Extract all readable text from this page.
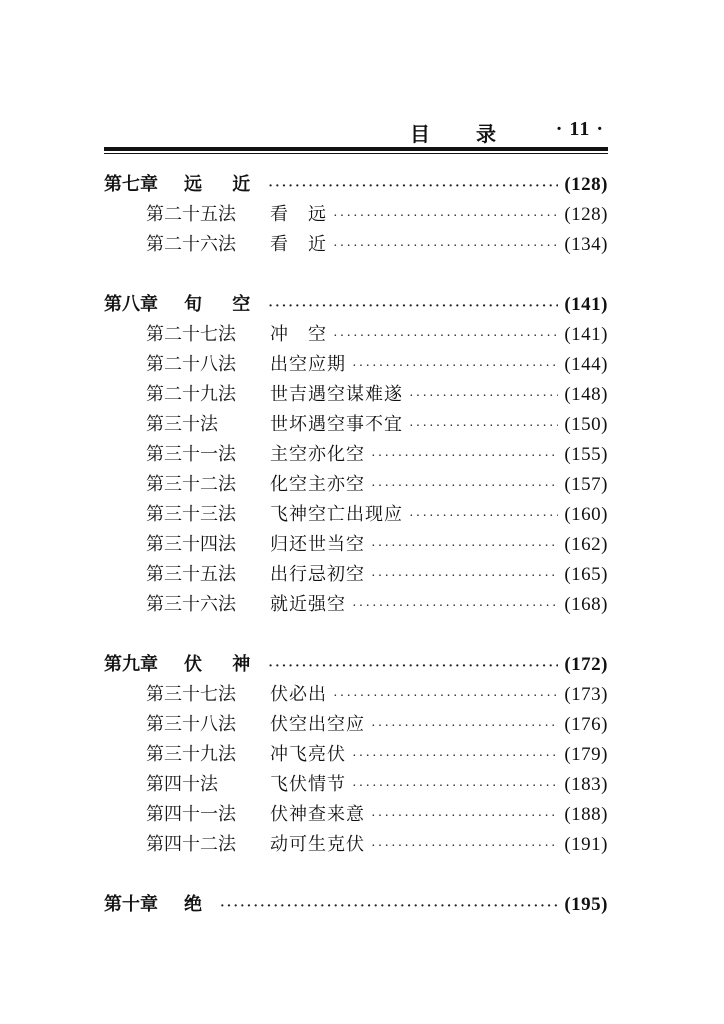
目 录	· 11 ·
第七章	远 近 ·····	(128)
第二十五法	看　远 ·····	(128)
第二十六法	看　近 ·····	(134)
第八章	旬 空 ·····	(141)
第二十七法	冲　空 ·····	(141)
第二十八法	出空应期 ·····	(144)
第二十九法	世吉遇空谋难遂 ·····	(148)
第三十法	世坏遇空事不宜 ·····	(150)
第三十一法	主空亦化空 ·····	(155)
第三十二法	化空主亦空 ·····	(157)
第三十三法	飞神空亡出现应 ·····	(160)
第三十四法	归还世当空 ·····	(162)
第三十五法	出行忌初空 ·····	(165)
第三十六法	就近强空 ·····	(168)
第九章	伏 神 ·····	(172)
第三十七法	伏必出 ·····	(173)
第三十八法	伏空出空应 ·····	(176)
第三十九法	冲飞亮伏 ·····	(179)
第四十法	飞伏情节 ·····	(183)
第四十一法	伏神查来意 ·····	(188)
第四十二法	动可生克伏 ·····	(191)
第十章	绝 ·····	(195)
